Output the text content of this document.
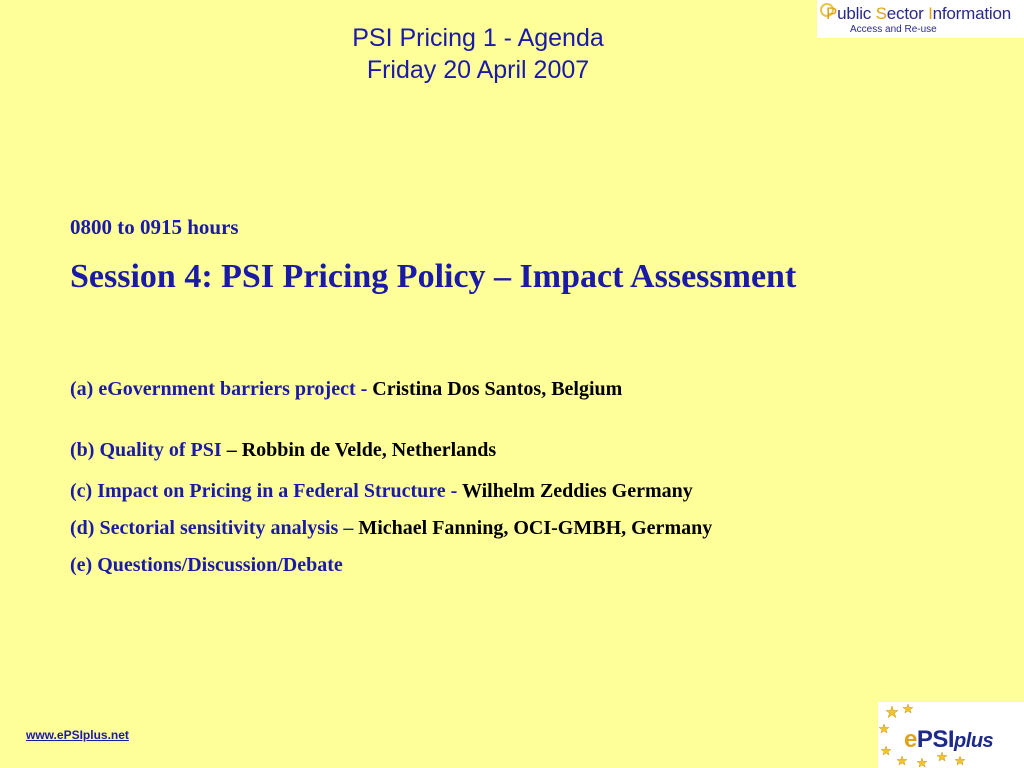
PSI Pricing 1 - Agenda
Friday 20 April 2007
Public Sector Information
Access and Re-use
0800 to 0915 hours
Session 4: PSI Pricing Policy – Impact Assessment
(a) eGovernment barriers project - Cristina Dos Santos, Belgium
(b) Quality of PSI – Robbin de Velde, Netherlands
(c) Impact on Pricing in a Federal Structure - Wilhelm Zeddies Germany
(d) Sectorial sensitivity analysis – Michael Fanning, OCI-GMBH, Germany
(e) Questions/Discussion/Debate
www.ePSIplus.net	ePSIplus
